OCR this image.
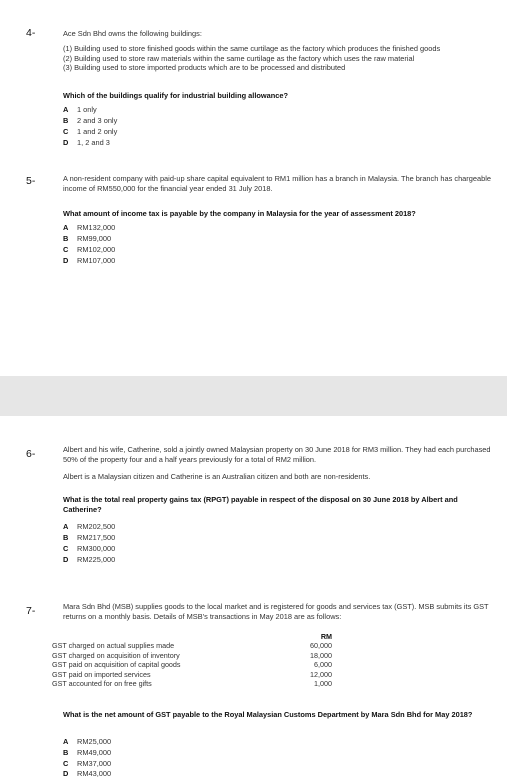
4-	Ace Sdn Bhd owns the following buildings:
(1) Building used to store finished goods within the same curtilage as the factory which produces the finished goods
(2) Building used to store raw materials within the same curtilage as the factory which uses the raw material
(3) Building used to store imported products which are to be processed and distributed
Which of the buildings qualify for industrial building allowance?
A 1 only
B 2 and 3 only
C 1 and 2 only
D 1, 2 and 3
5-	A non-resident company with paid-up share capital equivalent to RM1 million has a branch in Malaysia. The branch has chargeable income of RM550,000 for the financial year ended 31 July 2018.
What amount of income tax is payable by the company in Malaysia for the year of assessment 2018?
A RM132,000
B RM99,000
C RM102,000
D RM107,000
6-	Albert and his wife, Catherine, sold a jointly owned Malaysian property on 30 June 2018 for RM3 million. They had each purchased 50% of the property four and a half years previously for a total of RM2 million.
Albert is a Malaysian citizen and Catherine is an Australian citizen and both are non-residents.
What is the total real property gains tax (RPGT) payable in respect of the disposal on 30 June 2018 by Albert and Catherine?
A RM202,500
B RM217,500
C RM300,000
D RM225,000
7-	Mara Sdn Bhd (MSB) supplies goods to the local market and is registered for goods and services tax (GST). MSB submits its GST returns on a monthly basis. Details of MSB's transactions in May 2018 are as follows:
RM
GST charged on actual supplies made	60,000
GST charged on acquisition of inventory	18,000
GST paid on acquisition of capital goods	6,000
GST paid on imported services	12,000
GST accounted for on free gifts	1,000
What is the net amount of GST payable to the Royal Malaysian Customs Department by Mara Sdn Bhd for May 2018?
A RM25,000
B RM49,000
C RM37,000
D RM43,000
